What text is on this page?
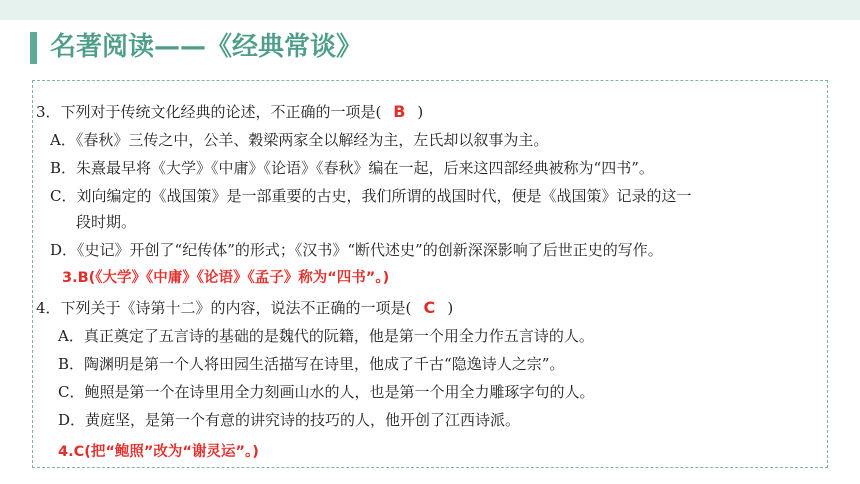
名著阅读——《经典常谈》
3．下列对于传统文化经典的论述，不正确的一项是( B )
A．《春秋》三传之中，公羊、穀梁两家全以解经为主，左氏却以叙事为主。
B．朱熹最早将《大学》《中庸》《论语》《春秋》编在一起，后来这四部经典被称为“四书”。
C．刘向编定的《战国策》是一部重要的古史，我们所谓的战国时代，便是《战国策》记录的这一
段时期。
D．《史记》开创了“纪传体”的形式；《汉书》“断代述史”的创新深深影响了后世正史的写作。
3.B(《大学》《中庸》《论语》《孟子》称为“四书”。)
4．下列关于《诗第十二》的内容，说法不正确的一项是( C )
A．真正奠定了五言诗的基础的是魏代的阮籍，他是第一个用全力作五言诗的人。
B．陶渊明是第一个人将田园生活描写在诗里，他成了千古“隐逸诗人之宗”。
C．鲍照是第一个在诗里用全力刻画山水的人，也是第一个用全力雕琢字句的人。
D．黄庭坚，是第一个有意的讲究诗的技巧的人，他开创了江西诗派。
4.C(把“鲍照”改为“谢灵运”。)
